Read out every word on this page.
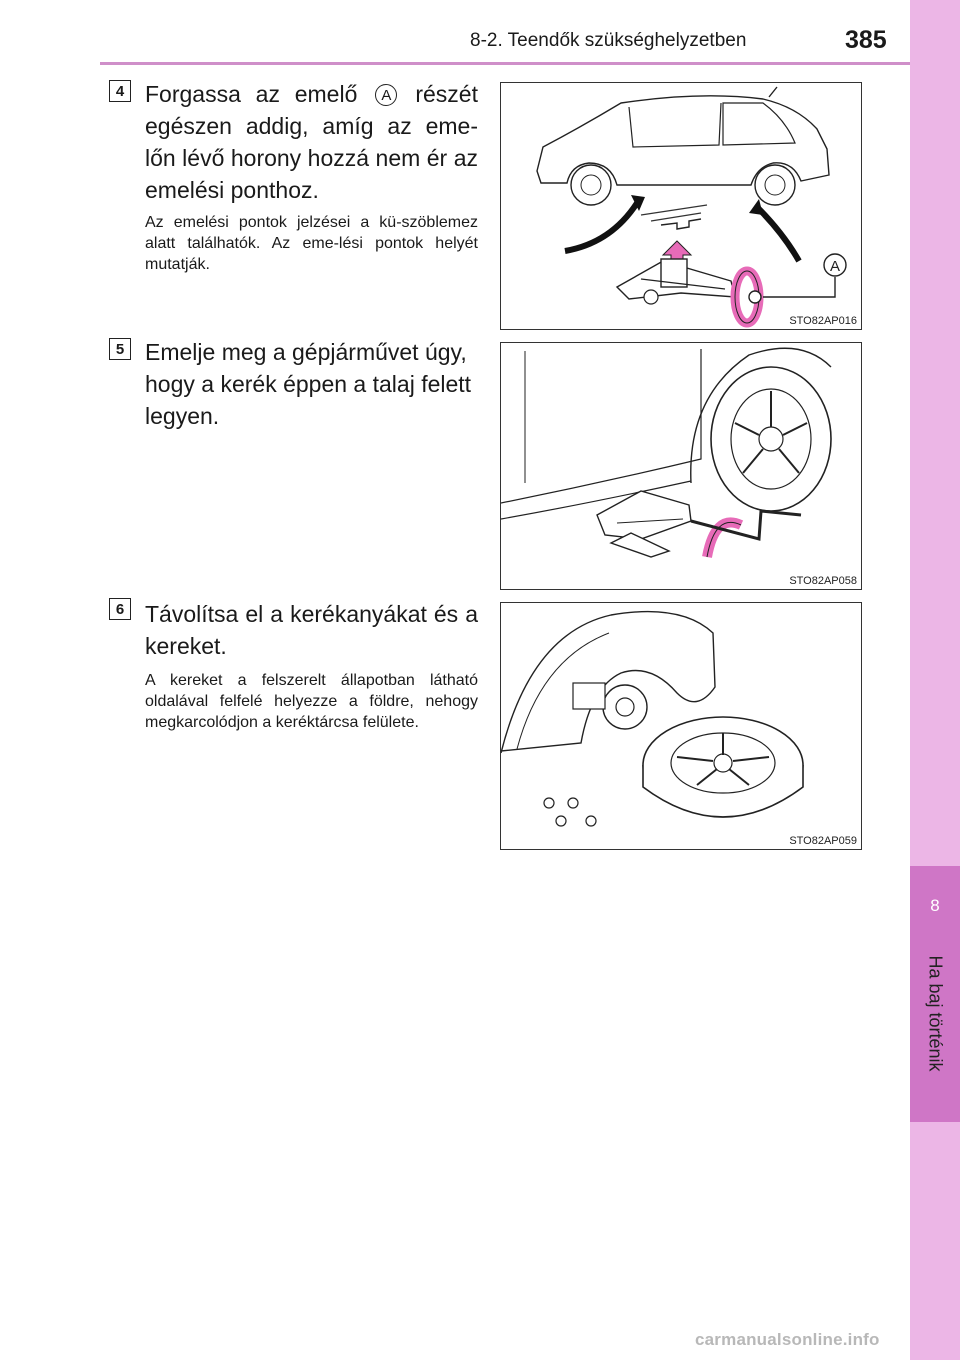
8-2. Teendők szükséghelyzetben	385
8
Ha baj történik
4 Forgassa az emelő A részét egészen addig, amíg az eme-lőn lévő horony hozzá nem ér az emelési ponthoz.
Az emelési pontok jelzései a kü-szöblemez alatt találhatók. Az eme-lési pontok helyét mutatják.	A
STO82AP016
5 Emelje meg a gépjárművet úgy, hogy a kerék éppen a talaj felett legyen.
STO82AP058
6 Távolítsa el a kerékanyákat és a kereket.
A kereket a felszerelt állapotban látható oldalával felfelé helyezze a földre, nehogy megkarcolódjon a keréktárcsa felülete.
STO82AP059
carmanualsonline.info
